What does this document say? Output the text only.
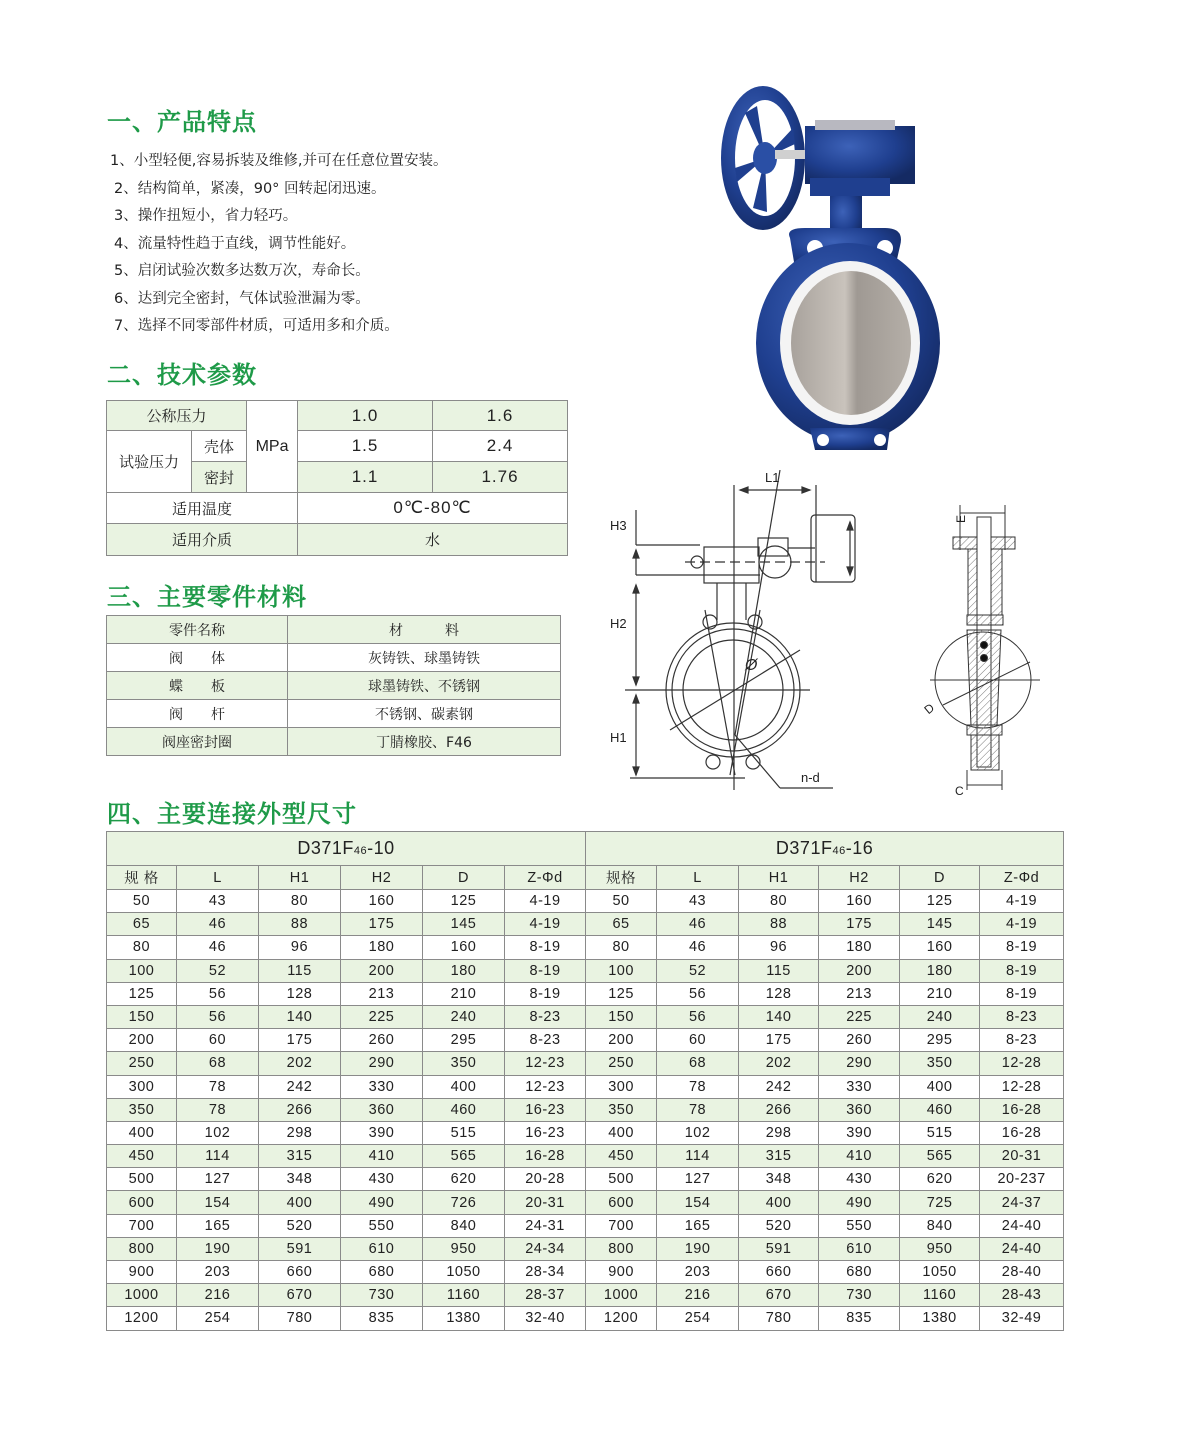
一、产品特点
1、小型轻便,容易拆装及维修,并可在任意位置安装。
2、结构简单，紧凑，90° 回转起闭迅速。
3、操作扭短小，省力轻巧。
4、流量特性趋于直线，调节性能好。
5、启闭试验次数多达数万次，寿命长。
6、达到完全密封，气体试验泄漏为零。
7、选择不同零部件材质，可适用多和介质。
二、技术参数
公称压力		MPa	1.0	1.6
试验压力	壳体		1.5	2.4
	密封		1.1	1.76
适用温度			0℃-80℃	
适用介质			水	
三、主要零件材料
零件名称	材　　　料
阀　　体	灰铸铁、球墨铸铁
蝶　　板	球墨铸铁、不锈钢
阀　　杆	不锈钢、碳素钢
阀座密封圈	丁腈橡胶、F46
四、主要连接外型尺寸
D371F46-10						D371F46-16					
规 格	L	H1	H2	D	Z-Φd	规格	L	H1	H2	D	Z-Φd
50	43	80	160	125	4-19	50	43	80	160	125	4-19
65	46	88	175	145	4-19	65	46	88	175	145	4-19
80	46	96	180	160	8-19	80	46	96	180	160	8-19
100	52	115	200	180	8-19	100	52	115	200	180	8-19
125	56	128	213	210	8-19	125	56	128	213	210	8-19
150	56	140	225	240	8-23	150	56	140	225	240	8-23
200	60	175	260	295	8-23	200	60	175	260	295	8-23
250	68	202	290	350	12-23	250	68	202	290	350	12-28
300	78	242	330	400	12-23	300	78	242	330	400	12-28
350	78	266	360	460	16-23	350	78	266	360	460	16-28
400	102	298	390	515	16-23	400	102	298	390	515	16-28
450	114	315	410	565	16-28	450	114	315	410	565	20-31
500	127	348	430	620	20-28	500	127	348	430	620	20-237
600	154	400	490	726	20-31	600	154	400	490	725	24-37
700	165	520	550	840	24-31	700	165	520	550	840	24-40
800	190	591	610	950	24-34	800	190	591	610	950	24-40
900	203	660	680	1050	28-34	900	203	660	680	1050	28-40
1000	216	670	730	1160	28-37	1000	216	670	730	1160	28-43
1200	254	780	835	1380	32-40	1200	254	780	835	1380	32-49
L1
H3
H2
Ø
H1
n-d
E
D
C
